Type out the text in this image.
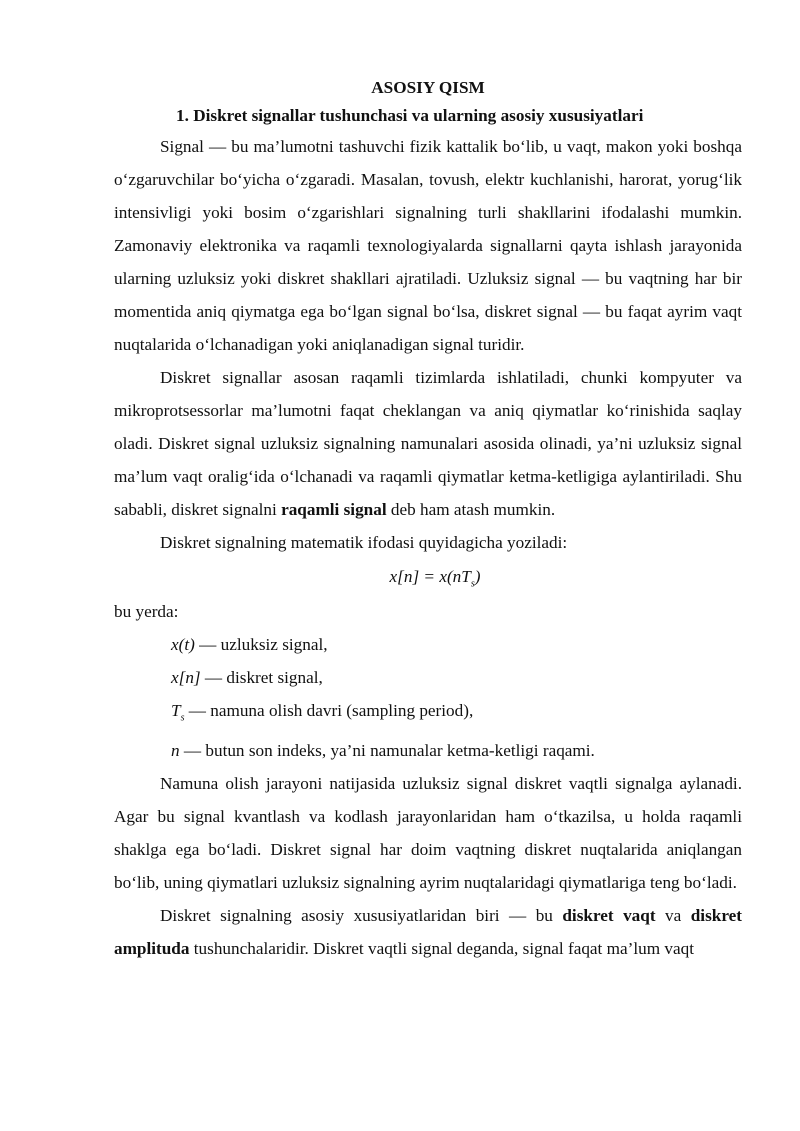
ASOSIY QISM

1. Diskret signallar tushunchasi va ularning asosiy xususiyatlari

Signal — bu ma’lumotni tashuvchi fizik kattalik bo‘lib, u vaqt, makon yoki boshqa o‘zgaruvchilar bo‘yicha o‘zgaradi. Masalan, tovush, elektr kuchlanishi, harorat, yorug‘lik intensivligi yoki bosim o‘zgarishlari signalning turli shakllarini ifodalashi mumkin. Zamonaviy elektronika va raqamli texnologiyalarda signallarni qayta ishlash jarayonida ularning uzluksiz yoki diskret shakllari ajratiladi. Uzluksiz signal — bu vaqtning har bir momentida aniq qiymatga ega bo‘lgan signal bo‘lsa, diskret signal — bu faqat ayrim vaqt nuqtalarida o‘lchanadigan yoki aniqlanadigan signal turidir.

Diskret signallar asosan raqamli tizimlarda ishlatiladi, chunki kompyuter va mikroprotsessorlar ma’lumotni faqat cheklangan va aniq qiymatlar ko‘rinishida saqlay oladi. Diskret signal uzluksiz signalning namunalari asosida olinadi, ya’ni uzluksiz signal ma’lum vaqt oralig‘ida o‘lchanadi va raqamli qiymatlar ketma-ketligiga aylantiriladi. Shu sababli, diskret signalni raqamli signal deb ham atash mumkin.

Diskret signalning matematik ifodasi quyidagicha yoziladi:

$x[n] = x(nT_s)$

bu yerda:

x(t) — uzluksiz signal,

x[n] — diskret signal,

$T_s$ — namuna olish davri (sampling period),

n — butun son indeks, ya’ni namunalar ketma-ketligi raqami.

Namuna olish jarayoni natijasida uzluksiz signal diskret vaqtli signalga aylanadi. Agar bu signal kvantlash va kodlash jarayonlaridan ham o‘tkazilsa, u holda raqamli shaklga ega bo‘ladi. Diskret signal har doim vaqtning diskret nuqtalarida aniqlangan bo‘lib, uning qiymatlari uzluksiz signalning ayrim nuqtalaridagi qiymatlariga teng bo‘ladi.

Diskret signalning asosiy xususiyatlaridan biri — bu diskret vaqt va diskret amplituda tushunchalaridir. Diskret vaqtli signal deganda, signal faqat ma’lum vaqt
